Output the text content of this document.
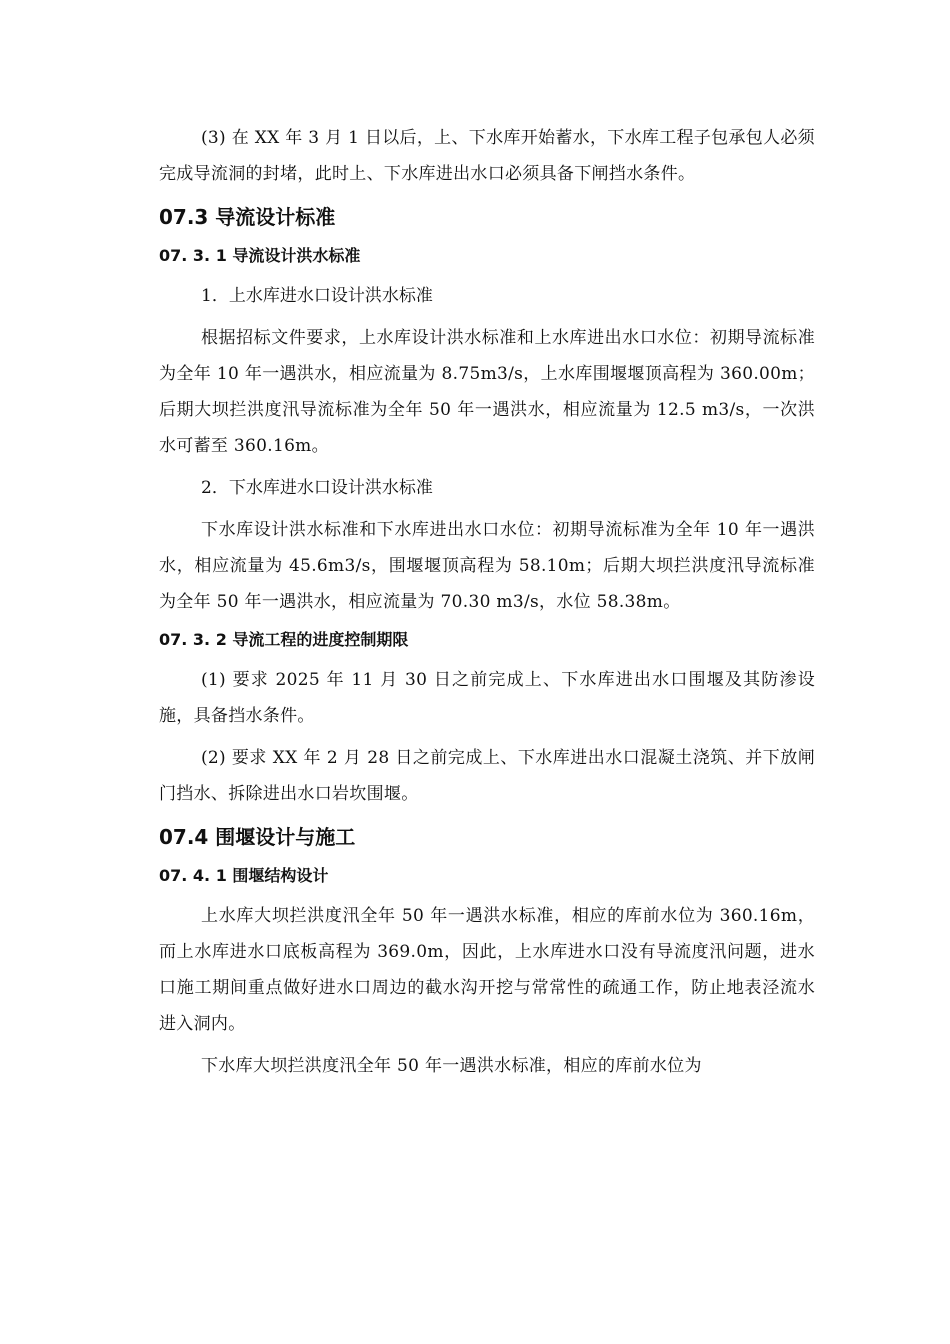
(3) 在 XX 年 3 月 1 日以后，上、下水库开始蓄水，下水库工程子包承包人必须完成导流洞的封堵，此时上、下水库进出水口必须具备下闸挡水条件。

07.3 导流设计标准
07. 3. 1 导流设计洪水标准

1．上水库进水口设计洪水标准

根据招标文件要求，上水库设计洪水标准和上水库进出水口水位：初期导流标准为全年 10 年一遇洪水，相应流量为 8.75m3/s，上水库围堰堰顶高程为 360.00m；后期大坝拦洪度汛导流标准为全年 50 年一遇洪水，相应流量为 12.5 m3/s，一次洪水可蓄至 360.16m。

2．下水库进水口设计洪水标准

下水库设计洪水标准和下水库进出水口水位：初期导流标准为全年 10 年一遇洪水，相应流量为 45.6m3/s，围堰堰顶高程为 58.10m；后期大坝拦洪度汛导流标准为全年 50 年一遇洪水，相应流量为 70.30 m3/s，水位 58.38m。

07. 3. 2 导流工程的进度控制期限

(1) 要求 2025 年 11 月 30 日之前完成上、下水库进出水口围堰及其防渗设施，具备挡水条件。

(2) 要求 XX 年 2 月 28 日之前完成上、下水库进出水口混凝土浇筑、并下放闸门挡水、拆除进出水口岩坎围堰。

07.4 围堰设计与施工
07. 4. 1 围堰结构设计

上水库大坝拦洪度汛全年 50 年一遇洪水标准，相应的库前水位为 360.16m，而上水库进水口底板高程为 369.0m，因此，上水库进水口没有导流度汛问题，进水口施工期间重点做好进水口周边的截水沟开挖与常常性的疏通工作，防止地表泾流水进入洞内。

下水库大坝拦洪度汛全年 50 年一遇洪水标准，相应的库前水位为
